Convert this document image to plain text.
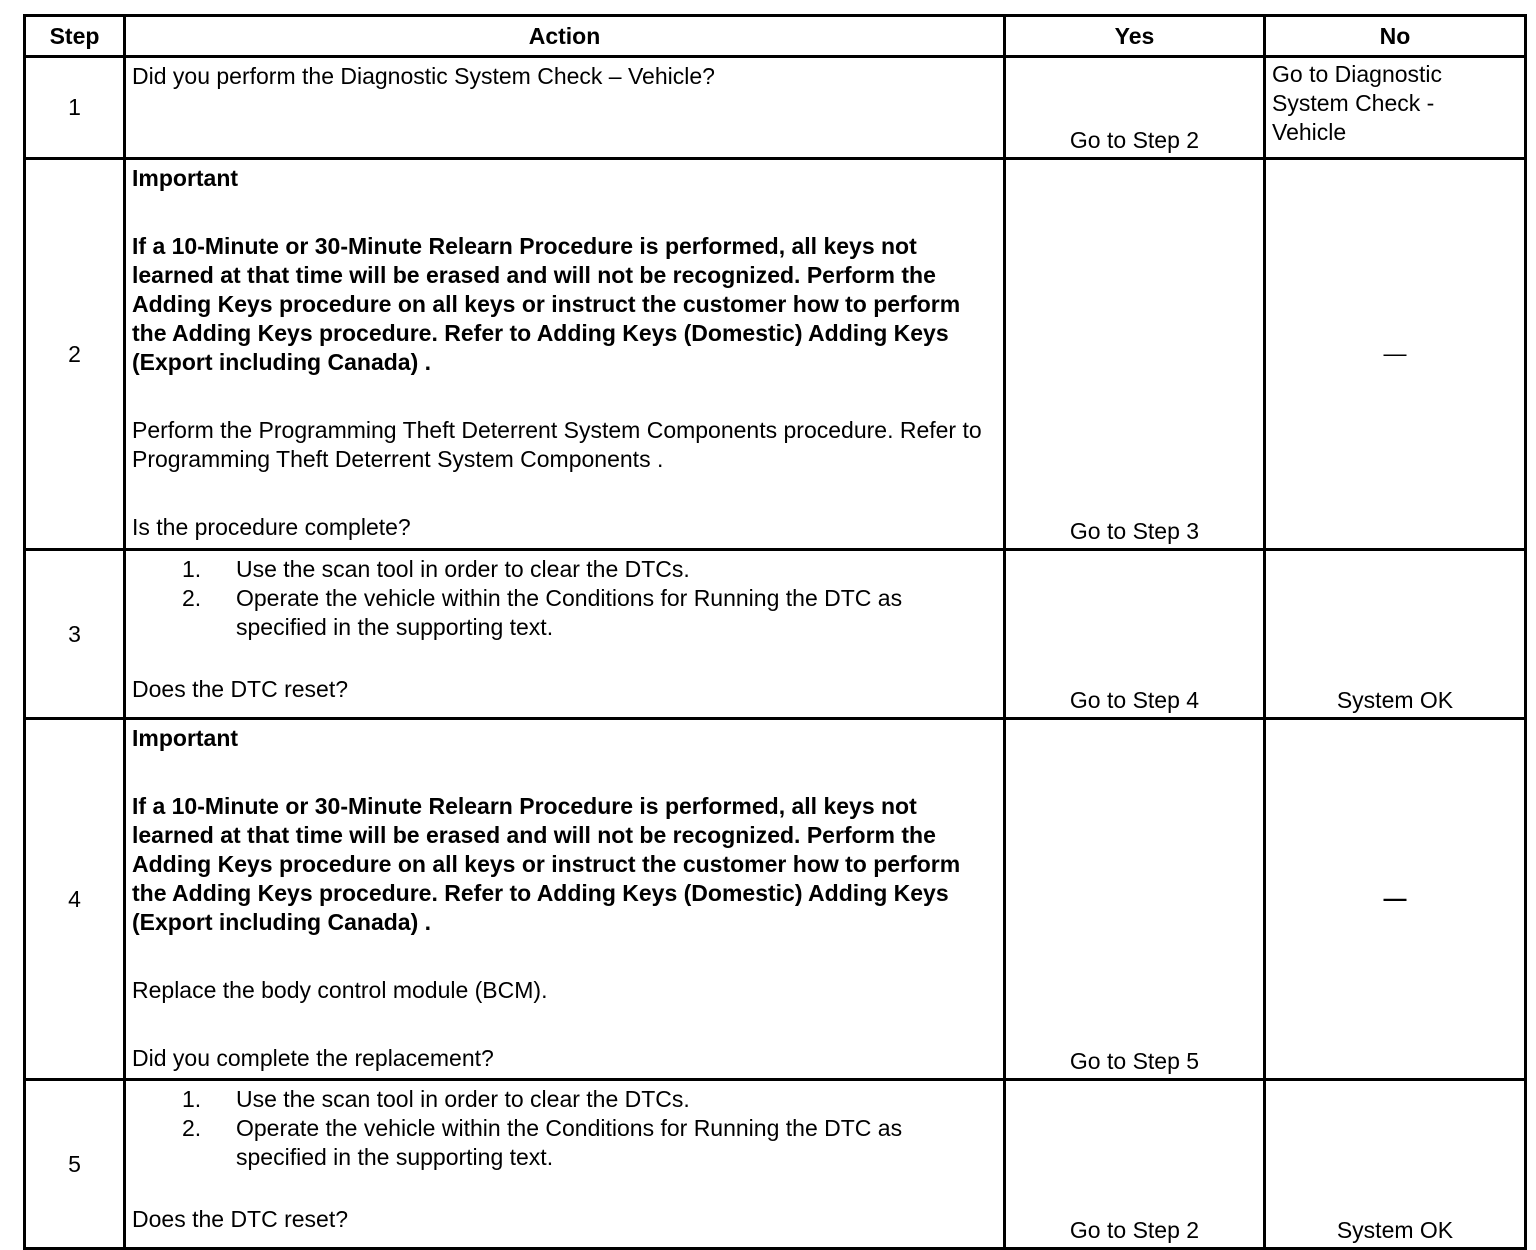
Step	Action	Yes	No
1	Did you perform the Diagnostic System Check – Vehicle?	Go to Step 2	Go to Diagnostic
System Check -
Vehicle

2	Important
If a 10-Minute or 30-Minute Relearn Procedure is performed, all keys not learned at that time will be erased and will not be recognized. Perform the Adding Keys procedure on all keys or instruct the customer how to perform the Adding Keys procedure. Refer to Adding Keys (Domestic) Adding Keys (Export including Canada) .
Perform the Programming Theft Deterrent System Components procedure. Refer to Programming Theft Deterrent System Components .
Is the procedure complete?	Go to Step 3	—
3	1. Use the scan tool in order to clear the DTCs.
2. Operate the vehicle within the Conditions for Running the DTC as specified in the supporting text.
Does the DTC reset?	Go to Step 4	System OK
4	Important
If a 10-Minute or 30-Minute Relearn Procedure is performed, all keys not learned at that time will be erased and will not be recognized. Perform the Adding Keys procedure on all keys or instruct the customer how to perform the Adding Keys procedure. Refer to Adding Keys (Domestic) Adding Keys (Export including Canada) .
Replace the body control module (BCM).
Did you complete the replacement?	Go to Step 5	—
5	1. Use the scan tool in order to clear the DTCs.
2. Operate the vehicle within the Conditions for Running the DTC as specified in the supporting text.
Does the DTC reset?	Go to Step 2	System OK
